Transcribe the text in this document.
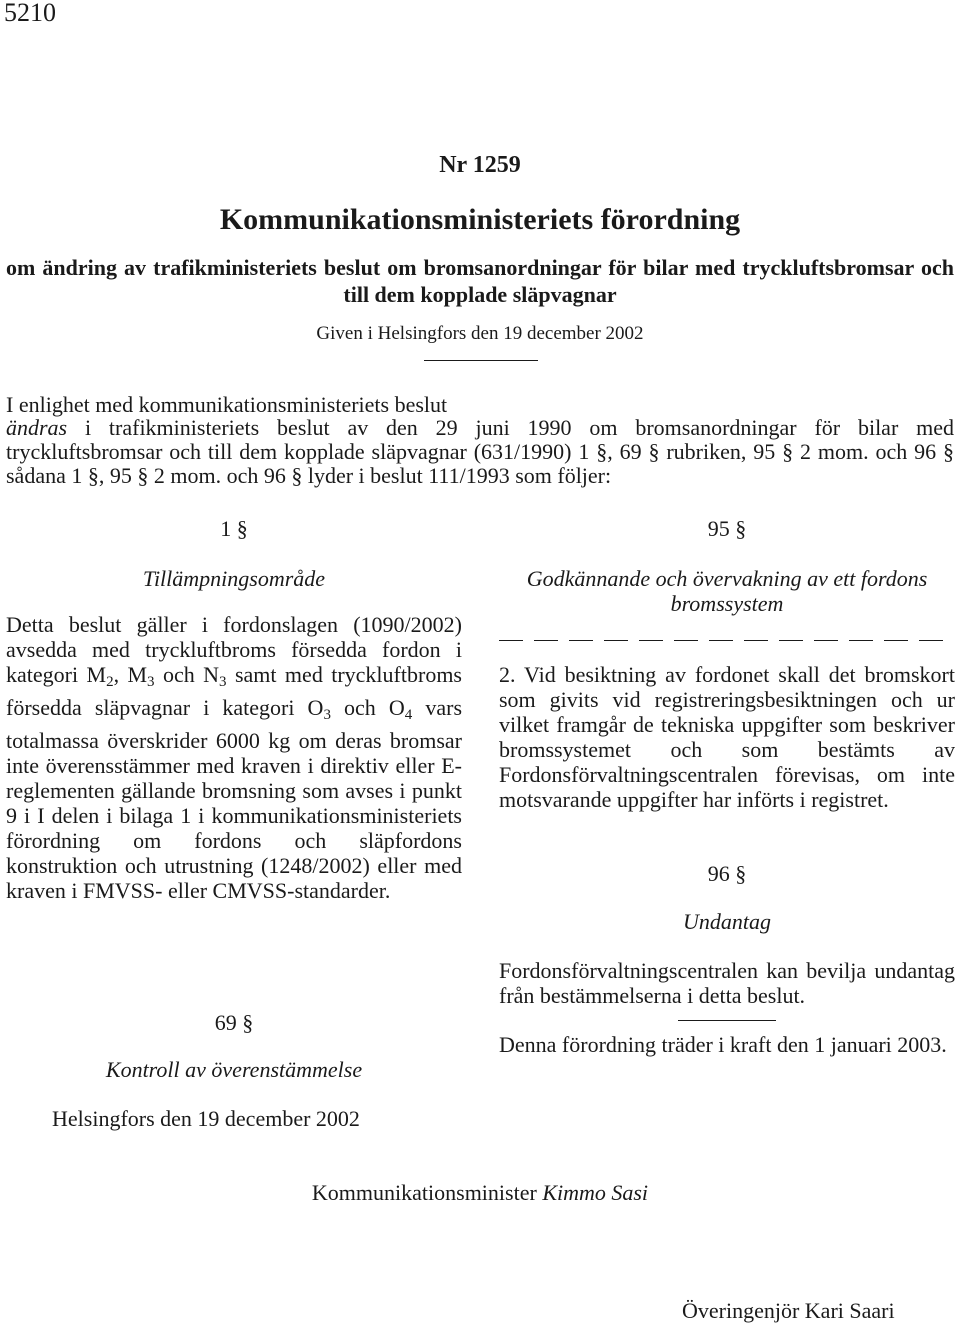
5210
Nr 1259
Kommunikationsministeriets förordning
om ändring av trafikministeriets beslut om bromsanordningar för bilar med tryckluftsbromsar och till dem kopplade släpvagnar
Given i Helsingfors den 19 december 2002
I enlighet med kommunikationsministeriets beslut
ändras i trafikministeriets beslut av den 29 juni 1990 om bromsanordningar för bilar med tryckluftsbromsar och till dem kopplade släpvagnar (631/1990) 1 §, 69 § rubriken, 95 § 2 mom. och 96 § sådana 1 §, 95 § 2 mom. och 96 § lyder i beslut 111/1993 som följer:
1 §
Tillämpningsområde
Detta beslut gäller i fordonslagen (1090/2002) avsedda med tryckluftbroms försedda fordon i kategori $M_2$, $M_3$ och $N_3$ samt med tryckluftbroms försedda släpvagnar i kategori $O_3$ och $O_4$ vars totalmassa överskrider 6000 kg om deras bromsar inte överensstämmer med kraven i direktiv eller E-reglementen gällande bromsning som avses i punkt 9 i I delen i bilaga 1 i kommunikationsministeriets förordning om fordons och släpfordons konstruktion och utrustning (1248/2002) eller med kraven i FMVSS- eller CMVSS-standarder.
69 §
Kontroll av överenstämmelse
95 §
Godkännande och övervakning av ett fordons bromssystem
2. Vid besiktning av fordonet skall det bromskort som givits vid registreringsbesiktningen och ur vilket framgår de tekniska uppgifter som beskriver bromssystemet och som bestämts av Fordonsförvaltningscentralen förevisas, om inte motsvarande uppgifter har införts i registret.
96 §
Undantag
Fordonsförvaltningscentralen kan bevilja undantag från bestämmelserna i detta beslut.
Denna förordning träder i kraft den 1 januari 2003.
Helsingfors den 19 december 2002
Kommunikationsminister Kimmo Sasi
Överingenjör Kari Saari
